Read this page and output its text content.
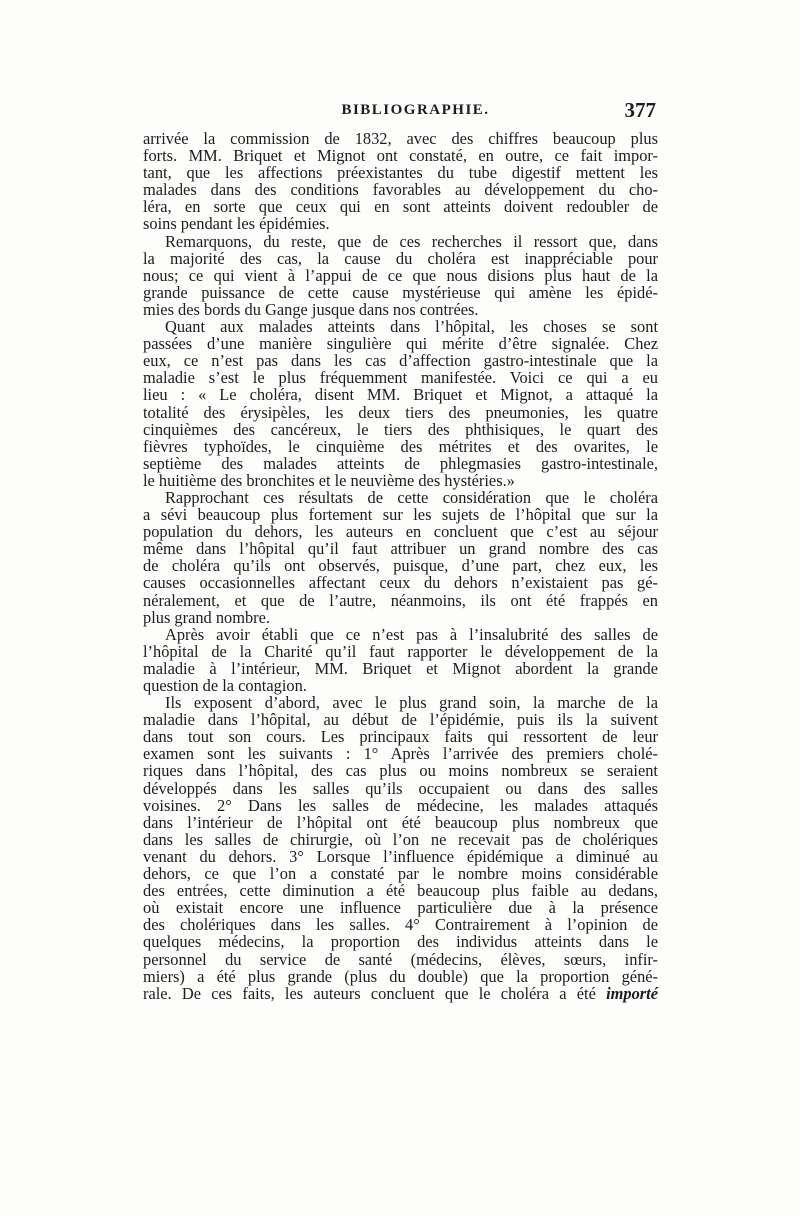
BIBLIOGRAPHIE.	377
arrivée la commission de 1832, avec des chiffres beaucoup plus
forts. MM. Briquet et Mignot ont constaté, en outre, ce fait impor-
tant, que les affections préexistantes du tube digestif mettent les
malades dans des conditions favorables au développement du cho-
léra, en sorte que ceux qui en sont atteints doivent redoubler de
soins pendant les épidémies.
Remarquons, du reste, que de ces recherches il ressort que, dans
la majorité des cas, la cause du choléra est inappréciable pour
nous; ce qui vient à l’appui de ce que nous disions plus haut de la
grande puissance de cette cause mystérieuse qui amène les épidé-
mies des bords du Gange jusque dans nos contrées.
Quant aux malades atteints dans l’hôpital, les choses se sont
passées d’une manière singulière qui mérite d’être signalée. Chez
eux, ce n’est pas dans les cas d’affection gastro-intestinale que la
maladie s’est le plus fréquemment manifestée. Voici ce qui a eu
lieu : « Le choléra, disent MM. Briquet et Mignot, a attaqué la
totalité des érysipèles, les deux tiers des pneumonies, les quatre
cinquièmes des cancéreux, le tiers des phthisiques, le quart des
fièvres typhoïdes, le cinquième des métrites et des ovarites, le
septième des malades atteints de phlegmasies gastro-intestinale,
le huitième des bronchites et le neuvième des hystéries.»
Rapprochant ces résultats de cette considération que le choléra
a sévi beaucoup plus fortement sur les sujets de l’hôpital que sur la
population du dehors, les auteurs en concluent que c’est au séjour
même dans l’hôpital qu’il faut attribuer un grand nombre des cas
de choléra qu’ils ont observés, puisque, d’une part, chez eux, les
causes occasionnelles affectant ceux du dehors n’existaient pas gé-
néralement, et que de l’autre, néanmoins, ils ont été frappés en
plus grand nombre.
Après avoir établi que ce n’est pas à l’insalubrité des salles de
l’hôpital de la Charité qu’il faut rapporter le développement de la
maladie à l’intérieur, MM. Briquet et Mignot abordent la grande
question de la contagion.
Ils exposent d’abord, avec le plus grand soin, la marche de la
maladie dans l’hôpital, au début de l’épidémie, puis ils la suivent
dans tout son cours. Les principaux faits qui ressortent de leur
examen sont les suivants : 1° Après l’arrivée des premiers cholé-
riques dans l’hôpital, des cas plus ou moins nombreux se seraient
développés dans les salles qu’ils occupaient ou dans des salles
voisines. 2° Dans les salles de médecine, les malades attaqués
dans l’intérieur de l’hôpital ont été beaucoup plus nombreux que
dans les salles de chirurgie, où l’on ne recevait pas de cholériques
venant du dehors. 3° Lorsque l’influence épidémique a diminué au
dehors, ce que l’on a constaté par le nombre moins considérable
des entrées, cette diminution a été beaucoup plus faible au dedans,
où existait encore une influence particulière due à la présence
des cholériques dans les salles. 4° Contrairement à l’opinion de
quelques médecins, la proportion des individus atteints dans le
personnel du service de santé (médecins, élèves, sœurs, infir-
miers) a été plus grande (plus du double) que la proportion géné-
rale. De ces faits, les auteurs concluent que le choléra a été importé
